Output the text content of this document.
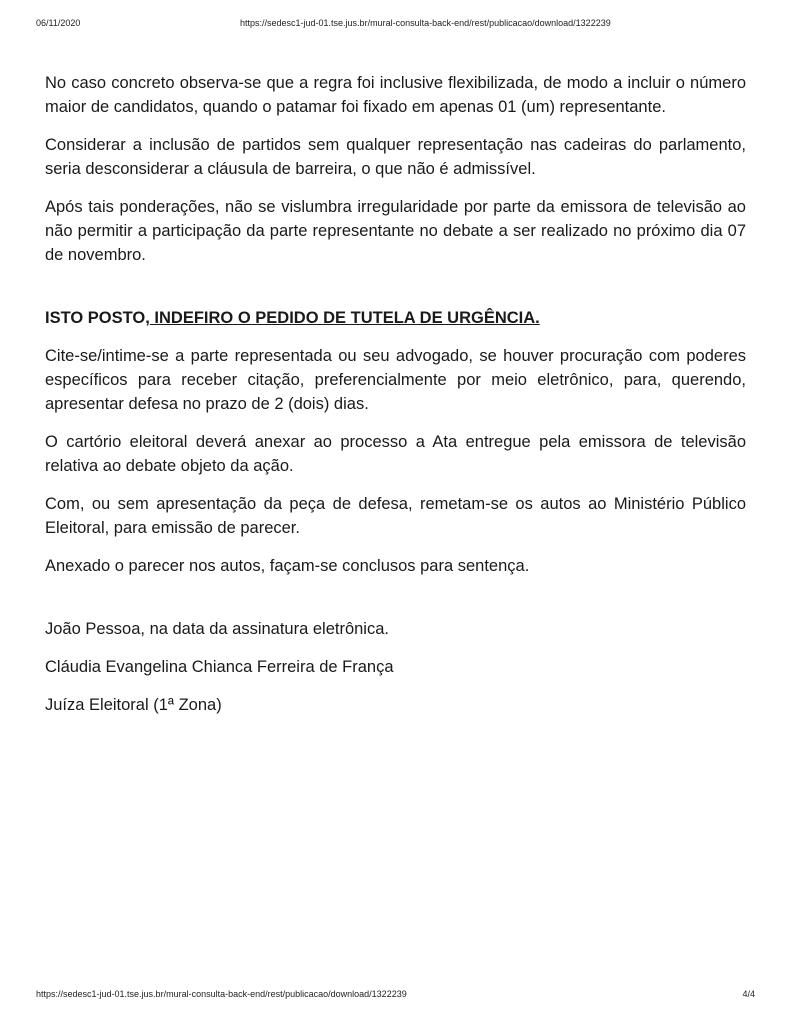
06/11/2020	https://sedesc1-jud-01.tse.jus.br/mural-consulta-back-end/rest/publicacao/download/1322239

No caso concreto observa-se que a regra foi inclusive flexibilizada, de modo a incluir o número maior de candidatos, quando o patamar foi fixado em apenas 01 (um) representante.

Considerar a inclusão de partidos sem qualquer representação nas cadeiras do parlamento, seria desconsiderar a cláusula de barreira, o que não é admissível.

Após tais ponderações, não se vislumbra irregularidade por parte da emissora de televisão ao não permitir a participação da parte representante no debate a ser realizado no próximo dia 07 de novembro.

ISTO POSTO, INDEFIRO O PEDIDO DE TUTELA DE URGÊNCIA.

Cite-se/intime-se a parte representada ou seu advogado, se houver procuração com poderes específicos para receber citação, preferencialmente por meio eletrônico, para, querendo, apresentar defesa no prazo de 2 (dois) dias.

O cartório eleitoral deverá anexar ao processo a Ata entregue pela emissora de televisão relativa ao debate objeto da ação.

Com, ou sem apresentação da peça de defesa, remetam-se os autos ao Ministério Público Eleitoral, para emissão de parecer.

Anexado o parecer nos autos, façam-se conclusos para sentença.

João Pessoa, na data da assinatura eletrônica.

Cláudia Evangelina Chianca Ferreira de França

Juíza Eleitoral (1ª Zona)

https://sedesc1-jud-01.tse.jus.br/mural-consulta-back-end/rest/publicacao/download/1322239	4/4
